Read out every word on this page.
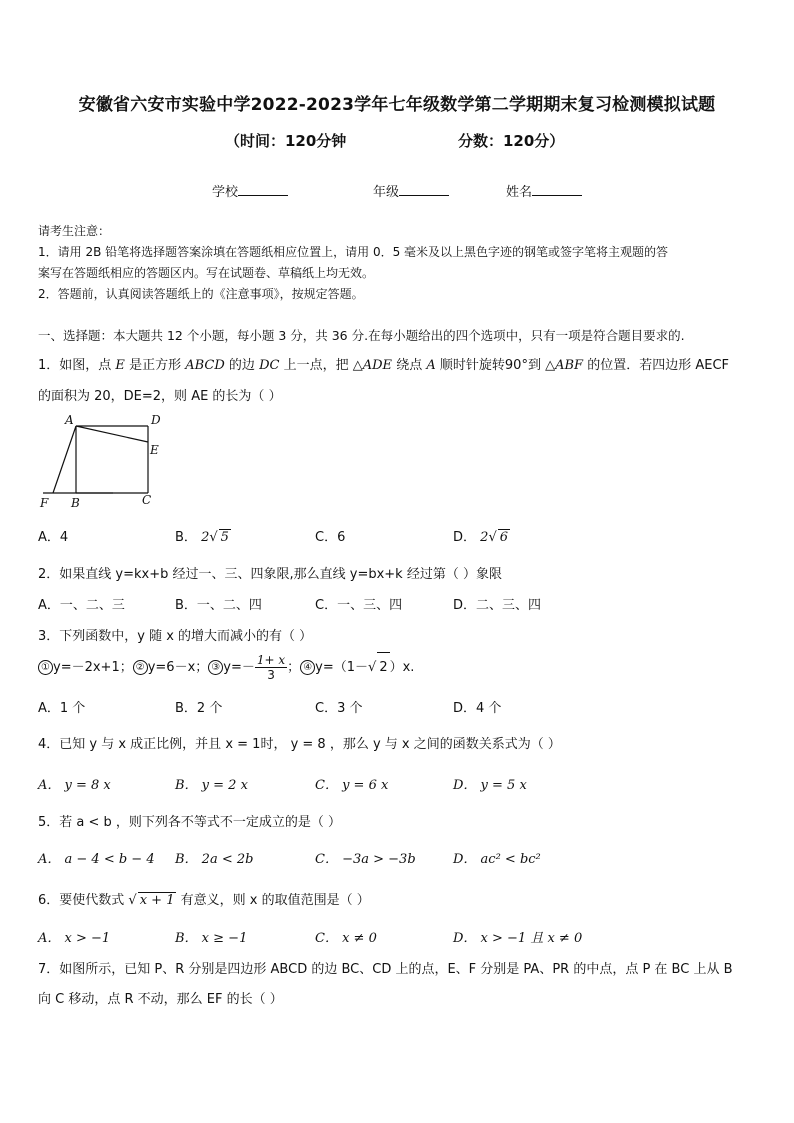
安徽省六安市实验中学2022-2023学年七年级数学第二学期期末复习检测模拟试题
（时间：120分钟	分数：120分）
学校	年级	姓名
请考生注意：
1．请用 2B 铅笔将选择题答案涂填在答题纸相应位置上，请用 0．5 毫米及以上黑色字迹的钢笔或签字笔将主观题的答
案写在答题纸相应的答题区内。写在试题卷、草稿纸上均无效。
2．答题前，认真阅读答题纸上的《注意事项》，按规定答题。
一、选择题：本大题共 12 个小题，每小题 3 分，共 36 分.在每小题给出的四个选项中，只有一项是符合题目要求的.
1．如图，点 E 是正方形 ABCD 的边 DC 上一点，把 △ADE 绕点 A 顺时针旋转90°到 △ABF 的位置．若四边形 AECF
的面积为 20，DE=2，则 AE 的长为（ ）
A	D
E
F B	C
A．4	B． 2√ 5	C．6	D． 2√ 6
2．如果直线 y=kx+b 经过一、三、四象限,那么直线 y=bx+k 经过第（ ）象限
A．一、二、三	B．一、二、四	C．一、三、四	D．二、三、四
3．下列函数中，y 随 x 的增大而减小的有（ ）
① y=－2x+1； ② y=6－x； ③ $y=- \frac{1+ x}{3}$ ； ④ y=（1－√ 2 ）x.
A．1 个	B．2 个	C．3 个	D．4 个
4．已知 y 与 x 成正比例，并且 x = 1时， y = 8 ，那么 y 与 x 之间的函数关系式为（ ）
A． y = 8 x	B． y = 2 x	C． y = 6 x	D． y = 5 x
5．若 a < b ，则下列各不等式不一定成立的是（ ）
A． a − 4 < b − 4 B． 2a < 2b	C． −3a > −3b	D． ac² < bc²
6．要使代数式 √ x + 1 有意义，则 x 的取值范围是（ ）
A． x > −1	B． x ≥ −1	C． x ≠ 0	D． x > −1 且 x ≠ 0
7．如图所示，已知 P、R 分别是四边形 ABCD 的边 BC、CD 上的点，E、F 分别是 PA、PR 的中点，点 P 在 BC 上从 B
向 C 移动，点 R 不动，那么 EF 的长（ ）
